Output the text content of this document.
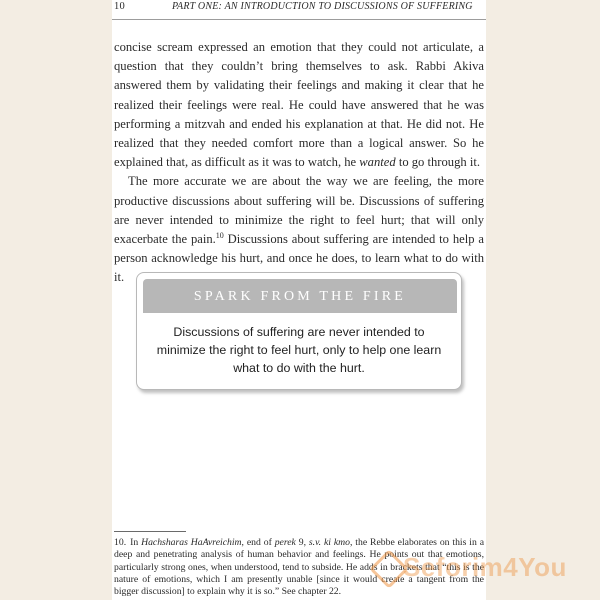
10	PART ONE: AN INTRODUCTION TO DISCUSSIONS OF SUFFERING

concise scream expressed an emotion that they could not articulate, a question that they couldn’t bring themselves to ask. Rabbi Akiva answered them by validating their feelings and making it clear that he realized their feelings were real. He could have answered that he was performing a mitzvah and ended his explanation at that. He did not. He realized that they needed comfort more than a logical answer. So he explained that, as difficult as it was to watch, he wanted to go through it.

The more accurate we are about the way we are feeling, the more productive discussions about suffering will be. Discussions of suffering are never intended to minimize the right to feel hurt; that will only exacerbate the pain.$^{10}$ Discussions about suffering are intended to help a person acknowledge his hurt, and once he does, to learn what to do with it.

SPARK FROM THE FIRE
Discussions of suffering are never intended to minimize the right to feel hurt, only to help one learn what to do with the hurt.
10. In Hachsharas HaAvreichim, end of perek 9, s.v. ki kmo, the Rebbe elaborates on this in a deep and penetrating analysis of human behavior and feelings. He points out that emotions, particularly strong ones, when understood, tend to subside. He adds in brackets that “this is the nature of emotions, which I am presently unable [since it would create a tangent from the bigger discussion] to explain why it is so.” See chapter 22.
Seforim4You
